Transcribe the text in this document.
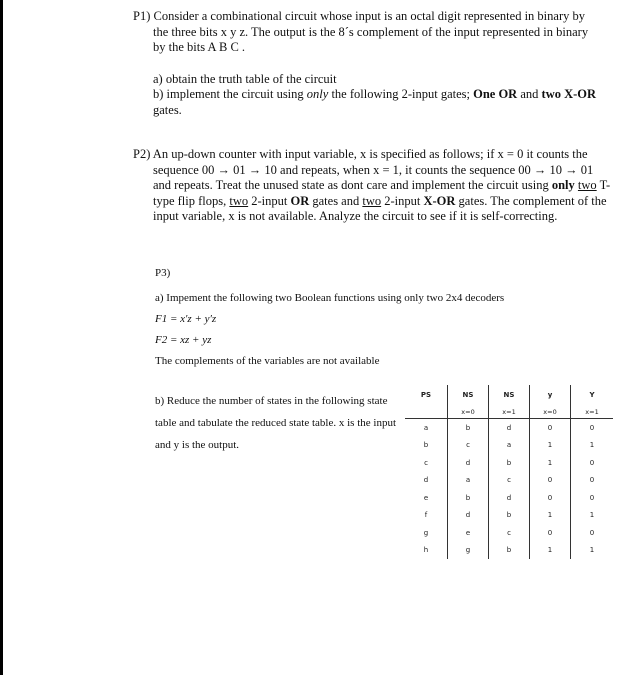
P1) Consider a combinational circuit whose input is an octal digit represented in binary by the three bits x y z. The output is the 8´s complement of the input represented in binary by the bits A B C .

a) obtain the truth table of the circuit
b) implement the circuit using only the following 2-input gates; One OR and two X-OR gates.

P2) An up-down counter with input variable, x is specified as follows; if x = 0 it counts the sequence 00 → 01 → 10 and repeats, when x = 1, it counts the sequence 00 → 10 → 01 and repeats. Treat the unused state as dont care and implement the circuit using only two T-type flip flops, two 2-input OR gates and two 2-input X-OR gates. The complement of the input variable, x is not available. Analyze the circuit to see if it is self-correcting.

P3)
a) Impement the following two Boolean functions using only two 2x4 decoders
F1 = x′z + y′z
F2 = xz + yz
The complements of the variables are not available
b) Reduce the number of states in the following state table and tabulate the reduced state table. x is the input and y is the output.
PS	NS	NS	y	Y
	x=0	x=1	x=0	x=1
a	b	d	0	0
b	c	a	1	1
c	d	b	1	0
d	a	c	0	0
e	b	d	0	0
f	d	b	1	1
g	e	c	0	0
h	g	b	1	1
